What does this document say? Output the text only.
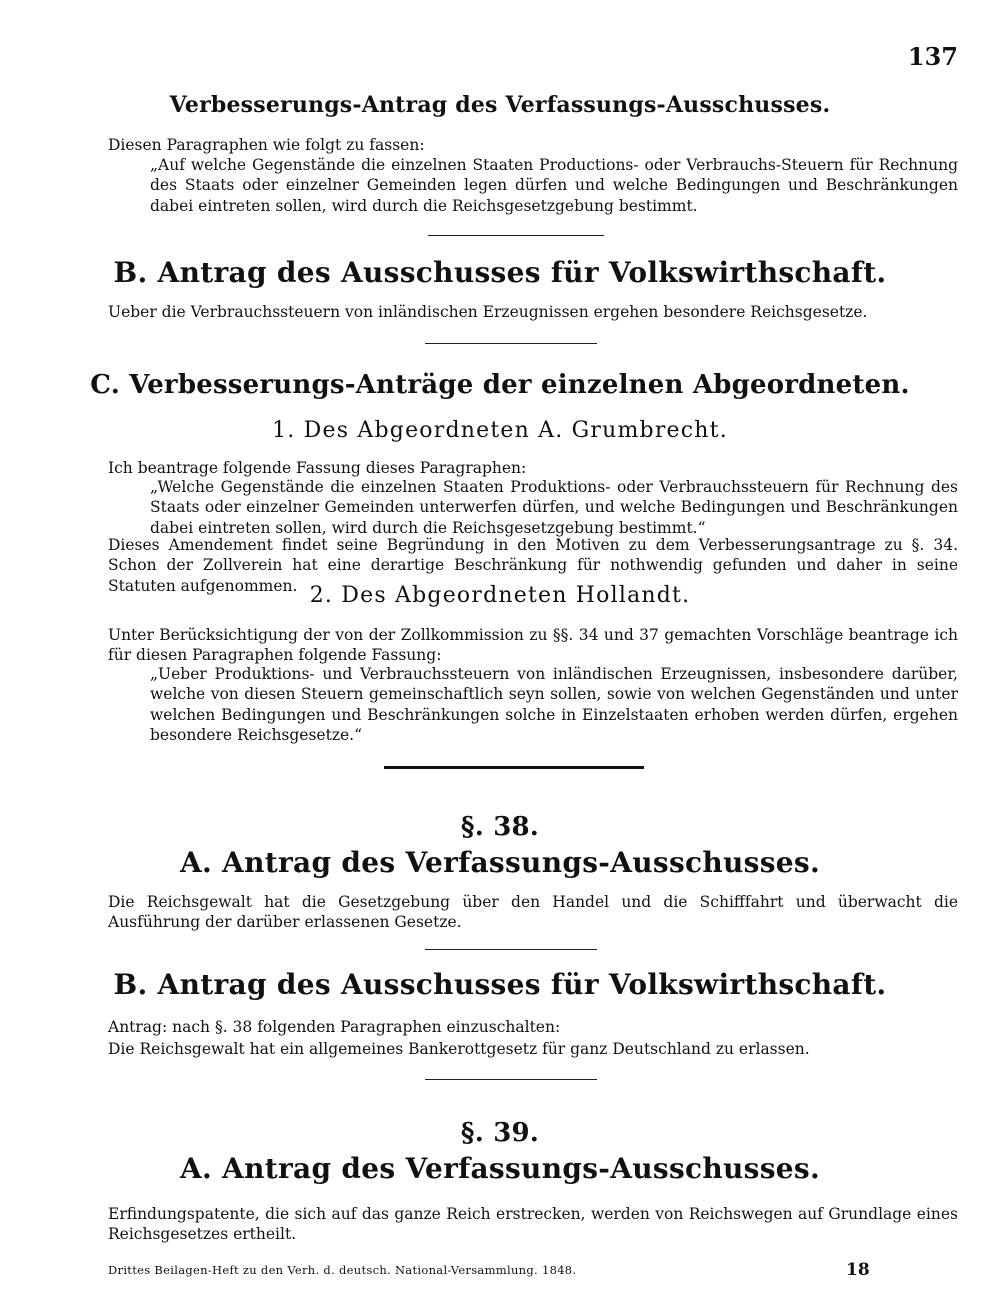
137
Verbesserungs-Antrag des Verfassungs-Ausschusses.
Diesen Paragraphen wie folgt zu fassen:
„Auf welche Gegenstände die einzelnen Staaten Productions- oder Verbrauchs-Steuern für Rechnung des Staats oder einzelner Gemeinden legen dürfen und welche Bedingungen und Beschränkungen dabei eintreten sollen, wird durch die Reichsgesetzgebung bestimmt.
B. Antrag des Ausschusses für Volkswirthschaft.
Ueber die Verbrauchssteuern von inländischen Erzeugnissen ergehen besondere Reichsgesetze.
C. Verbesserungs-Anträge der einzelnen Abgeordneten.
1. Des Abgeordneten A. Grumbrecht.
Ich beantrage folgende Fassung dieses Paragraphen:
„Welche Gegenstände die einzelnen Staaten Produktions- oder Verbrauchssteuern für Rechnung des Staats oder einzelner Gemeinden unterwerfen dürfen, und welche Bedingungen und Beschränkungen dabei eintreten sollen, wird durch die Reichsgesetzgebung bestimmt.“
Dieses Amendement findet seine Begründung in den Motiven zu dem Verbesserungsantrage zu §. 34. Schon der Zollverein hat eine derartige Beschränkung für nothwendig gefunden und daher in seine Statuten aufgenommen. 2. Des Abgeordneten Hollandt.
Unter Berücksichtigung der von der Zollkommission zu §§. 34 und 37 gemachten Vorschläge beantrage ich für diesen Paragraphen folgende Fassung:
„Ueber Produktions- und Verbrauchssteuern von inländischen Erzeugnissen, insbesondere darüber, welche von diesen Steuern gemeinschaftlich seyn sollen, sowie von welchen Gegenständen und unter welchen Bedingungen und Beschränkungen solche in Einzelstaaten erhoben werden dürfen, ergehen besondere Reichsgesetze.“
§. 38.
A. Antrag des Verfassungs-Ausschusses.
Die Reichsgewalt hat die Gesetzgebung über den Handel und die Schifffahrt und überwacht die Ausführung der darüber erlassenen Gesetze.
B. Antrag des Ausschusses für Volkswirthschaft.
Antrag: nach §. 38 folgenden Paragraphen einzuschalten:
Die Reichsgewalt hat ein allgemeines Bankerottgesetz für ganz Deutschland zu erlassen.
§. 39.
A. Antrag des Verfassungs-Ausschusses.
Erfindungspatente, die sich auf das ganze Reich erstrecken, werden von Reichswegen auf Grundlage eines Reichsgesetzes ertheilt.
Drittes Beilagen-Heft zu den Verh. d. deutsch. National-Versammlung. 1848.	18
